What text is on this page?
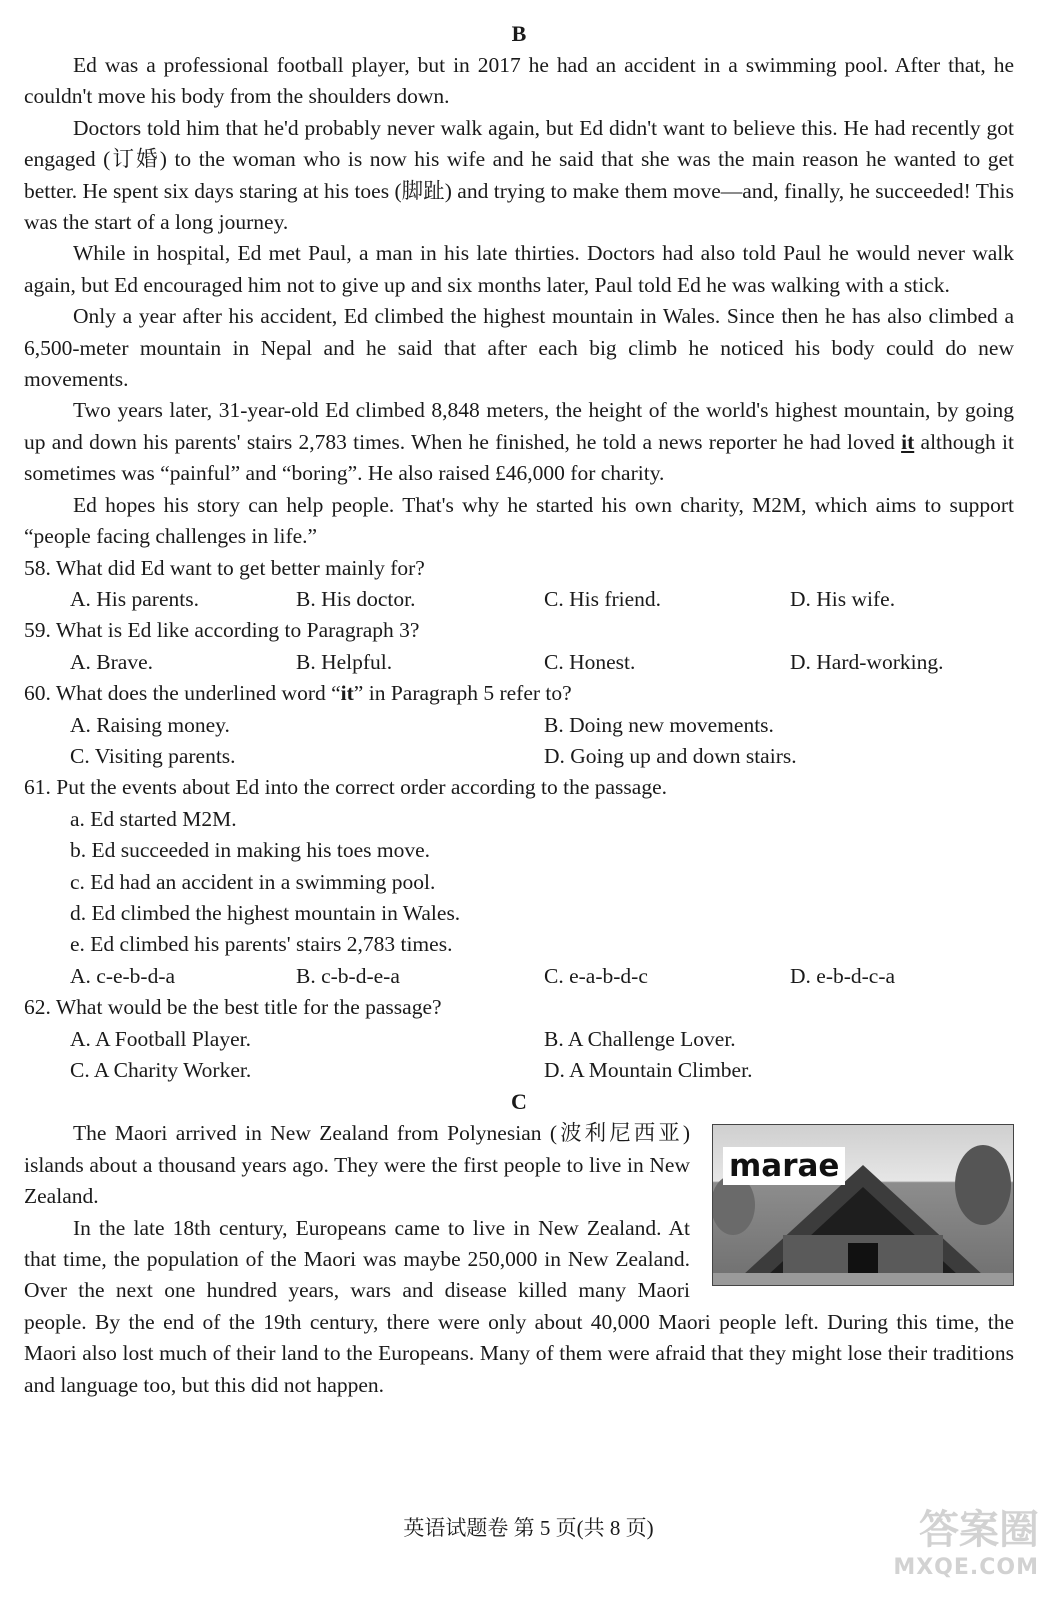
B

Ed was a professional football player, but in 2017 he had an accident in a swimming pool. After that, he couldn't move his body from the shoulders down.

Doctors told him that he'd probably never walk again, but Ed didn't want to believe this. He had recently got engaged (订婚) to the woman who is now his wife and he said that she was the main reason he wanted to get better. He spent six days staring at his toes (脚趾) and trying to make them move—and, finally, he succeeded! This was the start of a long journey.

While in hospital, Ed met Paul, a man in his late thirties. Doctors had also told Paul he would never walk again, but Ed encouraged him not to give up and six months later, Paul told Ed he was walking with a stick.

Only a year after his accident, Ed climbed the highest mountain in Wales. Since then he has also climbed a 6,500-meter mountain in Nepal and he said that after each big climb he noticed his body could do new movements.

Two years later, 31-year-old Ed climbed 8,848 meters, the height of the world's highest mountain, by going up and down his parents' stairs 2,783 times. When he finished, he told a news reporter he had loved it although it sometimes was “painful” and “boring”. He also raised £46,000 for charity.

Ed hopes his story can help people. That's why he started his own charity, M2M, which aims to support “people facing challenges in life.”

58. What did Ed want to get better mainly for?
A. His parents.	B. His doctor.	C. His friend.	D. His wife.
59. What is Ed like according to Paragraph 3?
A. Brave.	B. Helpful.	C. Honest.	D. Hard-working.
60. What does the underlined word “it” in Paragraph 5 refer to?
A. Raising money.	B. Doing new movements.
C. Visiting parents.	D. Going up and down stairs.
61. Put the events about Ed into the correct order according to the passage.
a. Ed started M2M.
b. Ed succeeded in making his toes move.
c. Ed had an accident in a swimming pool.
d. Ed climbed the highest mountain in Wales.
e. Ed climbed his parents' stairs 2,783 times.
A. c-e-b-d-a	B. c-b-d-e-a	C. e-a-b-d-c	D. e-b-d-c-a
62. What would be the best title for the passage?
A. A Football Player.	B. A Challenge Lover.
C. A Charity Worker.	D. A Mountain Climber.
C
marae

The Maori arrived in New Zealand from Polynesian (波利尼西亚) islands about a thousand years ago. They were the first people to live in New Zealand.

In the late 18th century, Europeans came to live in New Zealand. At that time, the population of the Maori was maybe 250,000 in New Zealand. Over the next one hundred years, wars and disease killed many Maori people. By the end of the 19th century, there were only about 40,000 Maori people left. During this time, the Maori also lost much of their land to the Europeans. Many of them were afraid that they might lose their traditions and language too, but this did not happen.

英语试题卷 第 5 页(共 8 页)	答案圈
MXQE.COM
